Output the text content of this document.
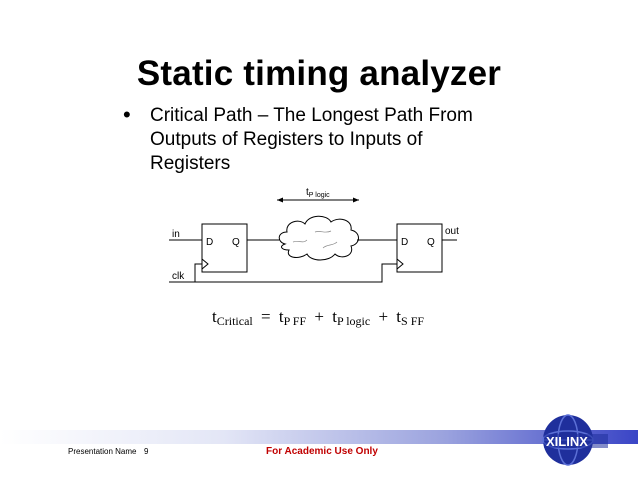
Static timing analyzer
• Critical Path – The Longest Path From
Outputs of Registers to Inputs of
Registers
$t_{P logic}$
in
D Q	D Q
out
clk
tCritical = tP FF + tP logic + tS FF
Presentation Name 9	For Academic Use Only
XILINX
